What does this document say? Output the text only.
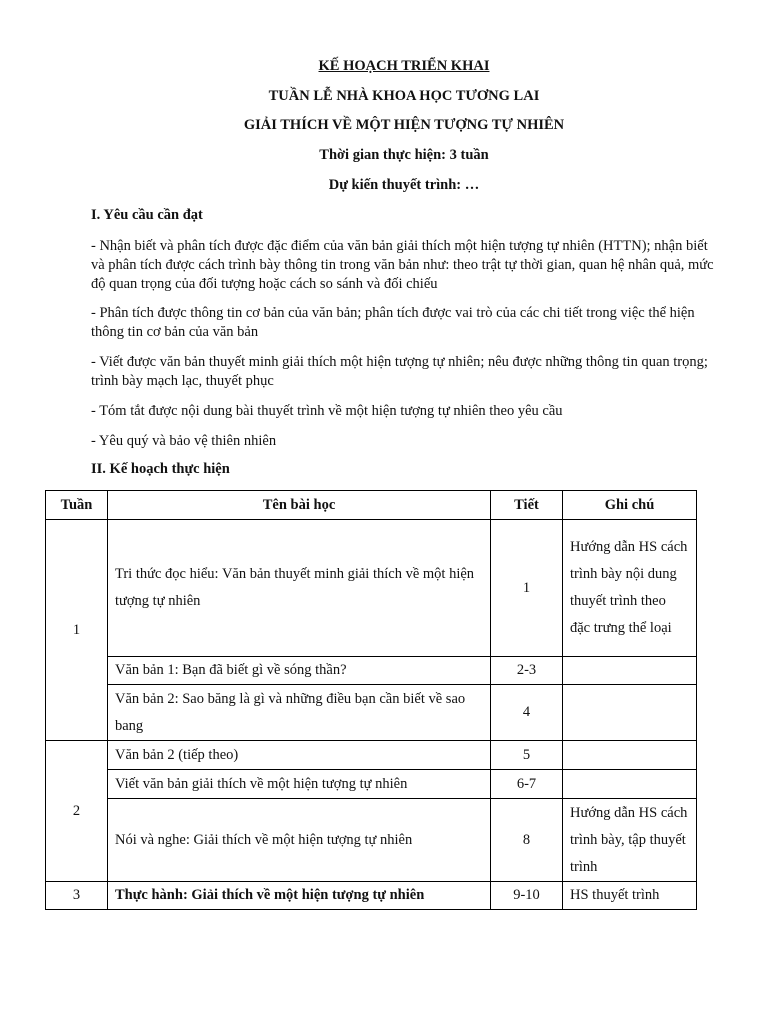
KẾ HOẠCH TRIỂN KHAI
TUẦN LỄ NHÀ KHOA HỌC TƯƠNG LAI
GIẢI THÍCH VỀ MỘT HIỆN TƯỢNG TỰ NHIÊN
Thời gian thực hiện: 3 tuần
Dự kiến thuyết trình: …
I. Yêu cầu cần đạt
- Nhận biết và phân tích được đặc điểm của văn bản giải thích một hiện tượng tự nhiên (HTTN); nhận biết và phân tích được cách trình bày thông tin trong văn bản như: theo trật tự thời gian, quan hệ nhân quả, mức độ quan trọng của đối tượng hoặc cách so sánh và đối chiếu
- Phân tích được thông tin cơ bản của văn bản; phân tích được vai trò của các chi tiết trong việc thể hiện thông tin cơ bản của văn bản
- Viết được văn bản thuyết minh giải thích một hiện tượng tự nhiên; nêu được những thông tin quan trọng; trình bày mạch lạc, thuyết phục
- Tóm tắt được nội dung bài thuyết trình về một hiện tượng tự nhiên theo yêu cầu
- Yêu quý và bảo vệ thiên nhiên
II. Kế hoạch thực hiện
Tuần	Tên bài học	Tiết	Ghi chú
1	Tri thức đọc hiểu: Văn bản thuyết minh giải thích về một hiện tượng tự nhiên	1	Hướng dẫn HS cách trình bày nội dung thuyết trình theo đặc trưng thể loại
	Văn bản 1: Bạn đã biết gì về sóng thần?	2-3	
	Văn bản 2: Sao băng là gì và những điều bạn cần biết về sao bang	4	
2	Văn bản 2 (tiếp theo)	5	
	Viết văn bản giải thích về một hiện tượng tự nhiên	6-7	
	Nói và nghe: Giải thích về một hiện tượng tự nhiên	8	Hướng dẫn HS cách trình bày, tập thuyết trình
3	Thực hành: Giải thích về một hiện tượng tự nhiên	9-10	HS thuyết trình
